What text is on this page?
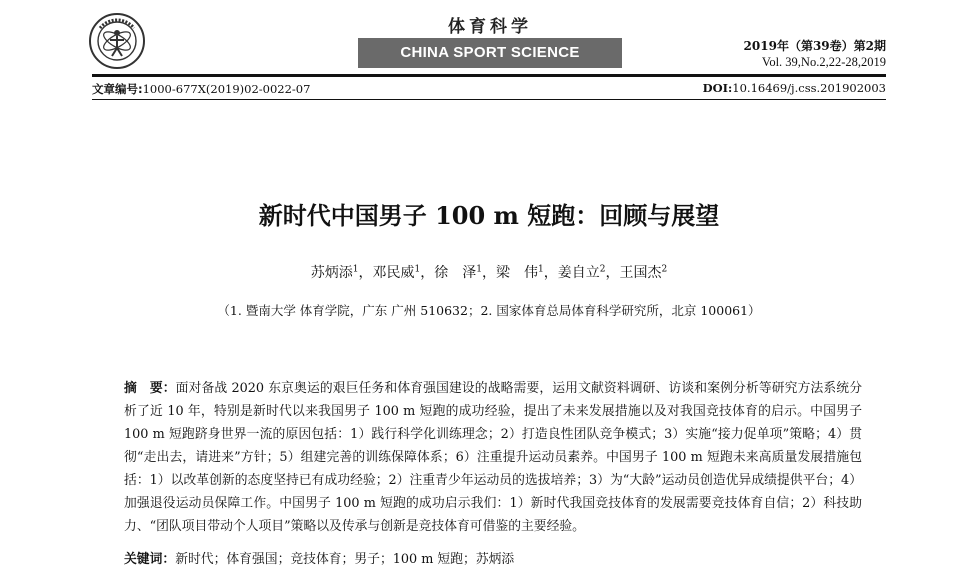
体育科学
CHINA SPORT SCIENCE	2019年（第39卷）第2期
Vol. 39,No.2,22-28,2019
文章编号:1000-677X(2019)02-0022-07	DOI:10.16469/j.css.201902003
新时代中国男子 100 m 短跑：回顾与展望
苏炳添$^1$，邓民威$^1$，徐　泽$^1$，梁　伟$^1$，姜自立$^2$，王国杰$^2$
（1. 暨南大学 体育学院，广东 广州 510632；2. 国家体育总局体育科学研究所，北京 100061）

摘　要：面对备战 2020 东京奥运的艰巨任务和体育强国建设的战略需要，运用文献资料调研、访谈和案例分析等研究方法系统分析了近 10 年，特别是新时代以来我国男子 100 m 短跑的成功经验，提出了未来发展措施以及对我国竞技体育的启示。中国男子 100 m 短跑跻身世界一流的原因包括：1）践行科学化训练理念；2）打造良性团队竞争模式；3）实施“接力促单项”策略；4）贯彻“走出去，请进来”方针；5）组建完善的训练保障体系；6）注重提升运动员素养。中国男子 100 m 短跑未来高质量发展措施包括：1）以改革创新的态度坚持已有成功经验；2）注重青少年运动员的选拔培养；3）为“大龄”运动员创造优异成绩提供平台；4）加强退役运动员保障工作。中国男子 100 m 短跑的成功启示我们：1）新时代我国竞技体育的发展需要竞技体育自信；2）科技助力、“团队项目带动个人项目”策略以及传承与创新是竞技体育可借鉴的主要经验。

关键词：新时代；体育强国；竞技体育；男子；100 m 短跑；苏炳添
